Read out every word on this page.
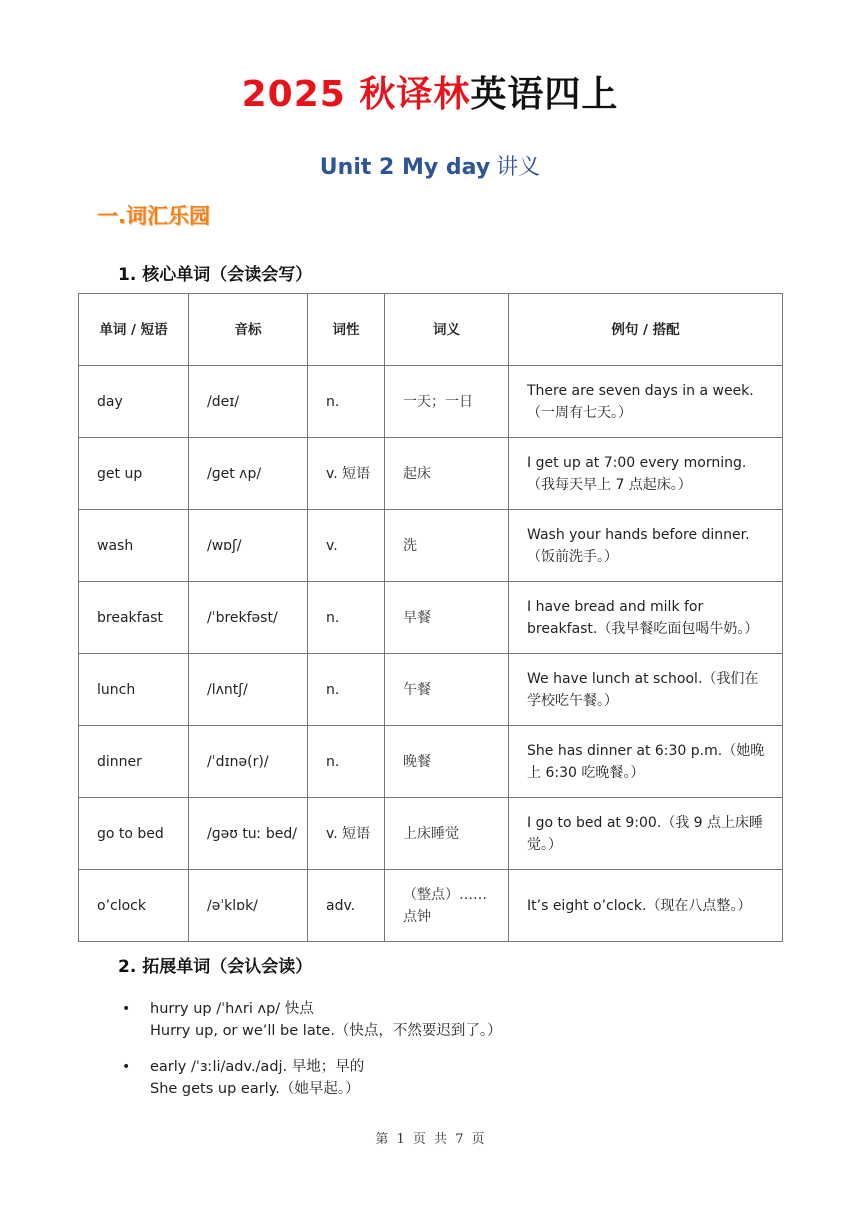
2025 秋译林英语四上
Unit 2 My day 讲义
一.词汇乐园
1. 核心单词（会读会写）
单词 / 短语	音标	词性	词义	例句 / 搭配
day	/deɪ/	n.	一天；一日	There are seven days in a week.（一周有七天。）
get up	/ɡet ʌp/	v. 短语	起床	I get up at 7:00 every morning.（我每天早上 7 点起床。）
wash	/wɒʃ/	v.	洗	Wash your hands before dinner.（饭前洗手。）
breakfast	/ˈbrekfəst/	n.	早餐	I have bread and milk for breakfast.（我早餐吃面包喝牛奶。）
lunch	/lʌntʃ/	n.	午餐	We have lunch at school.（我们在学校吃午餐。）
dinner	/ˈdɪnə(r)/	n.	晚餐	She has dinner at 6:30 p.m.（她晚上 6:30 吃晚餐。）
go to bed	/ɡəʊ tuː bed/	v. 短语	上床睡觉	I go to bed at 9:00.（我 9 点上床睡觉。）
o’clock	/əˈklɒk/	adv.	（整点）……点钟	It’s eight o’clock.（现在八点整。）
2. 拓展单词（会认会读）
• hurry up /ˈhʌri ʌp/ 快点
Hurry up, or we’ll be late.（快点，不然要迟到了。）
• early /ˈɜːli/adv./adj. 早地；早的
She gets up early.（她早起。）
第 1 页 共 7 页
